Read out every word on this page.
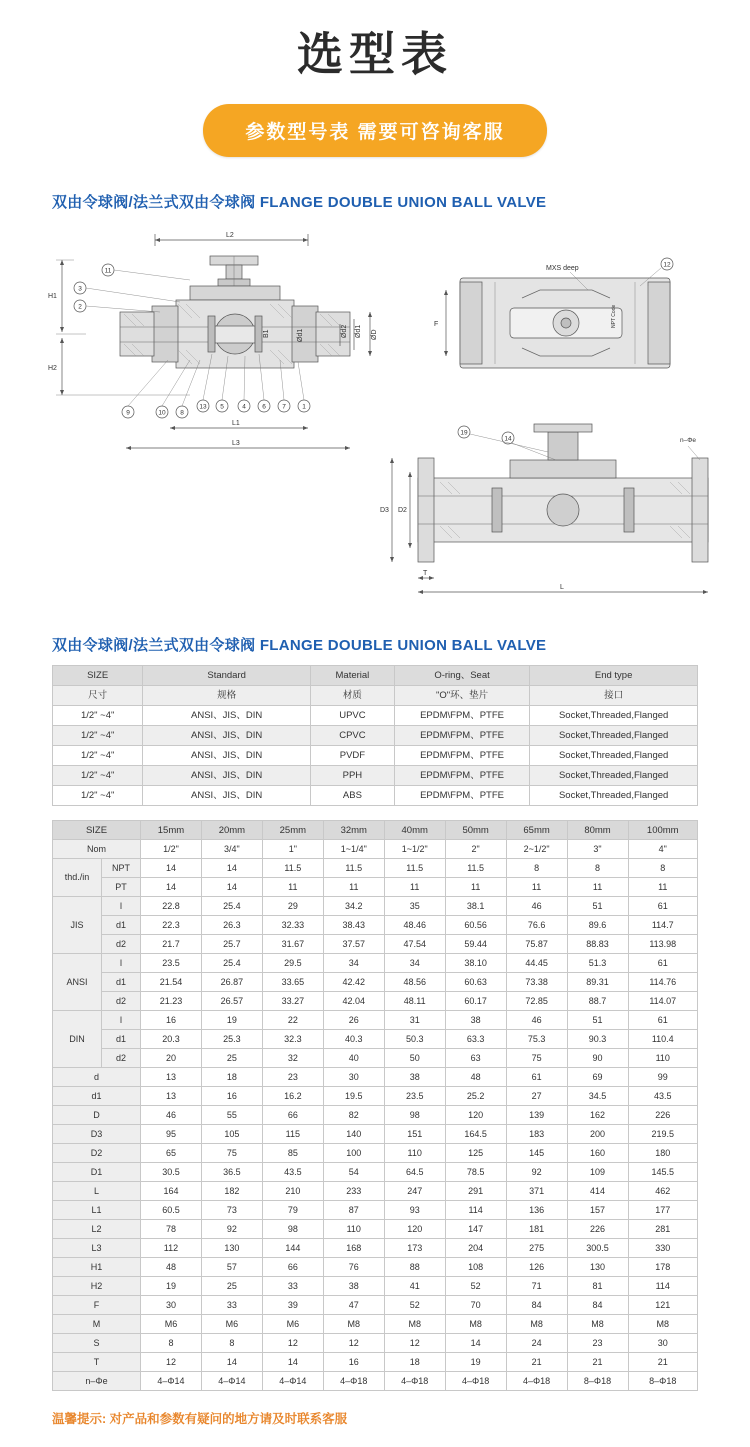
选型表
参数型号表 需要可咨询客服
双由令球阀/法兰式双由令球阀 FLANGE DOUBLE UNION BALL VALVE
L2
H1
H2
ØD
Ød1
Ød2
Ød1
B1
L1
L3
11
3
2
9	10 8
13 5	4	6	7	1
MXS deep	12
NPT Code
F
D3 D2
T
L
19
14	n–Φe
双由令球阀/法兰式双由令球阀 FLANGE DOUBLE UNION BALL VALVE
SIZE	Standard	Material	O-ring、Seat	End type
尺寸	规格	材质	"O"环、垫片	接口
1/2" ~4"	ANSI、JIS、DIN	UPVC	EPDM\FPM、PTFE	Socket,Threaded,Flanged
1/2" ~4"	ANSI、JIS、DIN	CPVC	EPDM\FPM、PTFE	Socket,Threaded,Flanged
1/2" ~4"	ANSI、JIS、DIN	PVDF	EPDM\FPM、PTFE	Socket,Threaded,Flanged
1/2" ~4"	ANSI、JIS、DIN	PPH	EPDM\FPM、PTFE	Socket,Threaded,Flanged
1/2" ~4"	ANSI、JIS、DIN	ABS	EPDM\FPM、PTFE	Socket,Threaded,Flanged
SIZE		15mm	20mm	25mm	32mm	40mm	50mm	65mm	80mm	100mm
Nom		1/2"	3/4"	1"	1~1/4"	1~1/2"	2"	2~1/2"	3"	4"
thd./in	NPT	14	14	11.5	11.5	11.5	11.5	8	8	8
	PT	14	14	11	11	11	11	11	11	11
JIS	l	22.8	25.4	29	34.2	35	38.1	46	51	61
	d1	22.3	26.3	32.33	38.43	48.46	60.56	76.6	89.6	114.7
	d2	21.7	25.7	31.67	37.57	47.54	59.44	75.87	88.83	113.98
ANSI	l	23.5	25.4	29.5	34	34	38.10	44.45	51.3	61
	d1	21.54	26.87	33.65	42.42	48.56	60.63	73.38	89.31	114.76
	d2	21.23	26.57	33.27	42.04	48.11	60.17	72.85	88.7	114.07
DIN	l	16	19	22	26	31	38	46	51	61
	d1	20.3	25.3	32.3	40.3	50.3	63.3	75.3	90.3	110.4
	d2	20	25	32	40	50	63	75	90	110
d		13	18	23	30	38	48	61	69	99
d1		13	16	16.2	19.5	23.5	25.2	27	34.5	43.5
D		46	55	66	82	98	120	139	162	226
D3		95	105	115	140	151	164.5	183	200	219.5
D2		65	75	85	100	110	125	145	160	180
D1		30.5	36.5	43.5	54	64.5	78.5	92	109	145.5
L		164	182	210	233	247	291	371	414	462
L1		60.5	73	79	87	93	114	136	157	177
L2		78	92	98	110	120	147	181	226	281
L3		112	130	144	168	173	204	275	300.5	330
H1		48	57	66	76	88	108	126	130	178
H2		19	25	33	38	41	52	71	81	114
F		30	33	39	47	52	70	84	84	121
M		M6	M6	M6	M8	M8	M8	M8	M8	M8
S		8	8	12	12	12	14	24	23	30
T		12	14	14	16	18	19	21	21	21
n–Φe		4–Φ14	4–Φ14	4–Φ14	4–Φ18	4–Φ18	4–Φ18	4–Φ18	8–Φ18	8–Φ18
温馨提示: 对产品和参数有疑问的地方请及时联系客服
